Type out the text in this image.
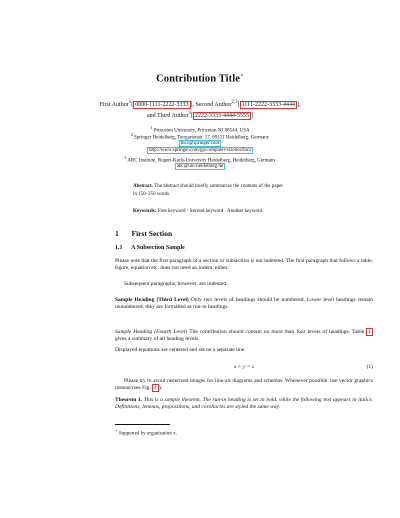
Contribution Title⋆
First Author$^1$[ 0000-1111-2222-3333 ], Second Author$^{2,3}$[ 1111-2222-3333-4444 ],
and Third Author$^3$[ 2222-3333-4444-5555 ]
$^1$ Princeton University, Princeton NJ 08544, USA
$^2$ Springer Heidelberg, Tiergartenstr. 17, 69121 Heidelberg, Germany
lncs@springer.com
http://www.springer.com/gp/computer-science/lncs
$^3$ ABC Institute, Rupert-Karls-University Heidelberg, Heidelberg, Germany
abc@uni-heidelberg.de
Abstract. The abstract should briefly summarize the contents of the paper in 150–250 words.
Keywords: First keyword · Second keyword · Another keyword
1 First Section
1.1 A Subsection Sample
Please note that the first paragraph of a section or subsection is not indented. The first paragraph that follows a table, figure, equation etc. does not need an indent, either.
Subsequent paragraphs, however, are indented.
Sample Heading (Third Level) Only two levels of headings should be numbered. Lower level headings remain unnumbered; they are formatted as run-in headings.
Sample Heading (Fourth Level) The contribution should contain no more than four levels of headings. Table 1 gives a summary of all heading levels.
Displayed equations are centered and set on a separate line.
x + y = z	(1)
Please try to avoid rasterized images for line-art diagrams and schemas. Whenever possible, use vector graphics instead (see Fig. 1 ).
Theorem 1. This is a sample theorem. The run-in heading is set in bold, while the following text appears in italics. Definitions, lemmas, propositions, and corollaries are styled the same way.
⋆ Supported by organization x.
